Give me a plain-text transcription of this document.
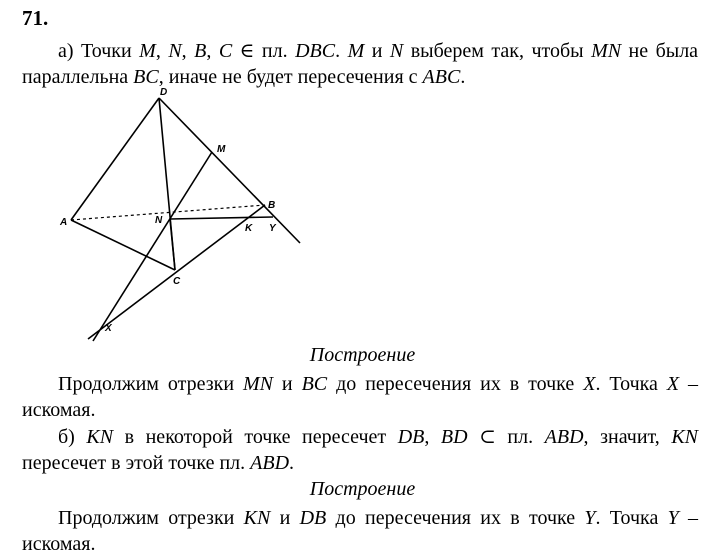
71.
а) Точки M, N, B, C ∈ пл. DBC. M и N выберем так, чтобы MN не была параллельна BC, иначе не будет пересечения с ABC.
D
M
A	N
B
K Y
C
X
Построение
Продолжим отрезки MN и BC до пересечения их в точке X. Точка X – искомая.
б) KN в некоторой точке пересечет DB, BD ⊂ пл. ABD, значит, KN пересечет в этой точке пл. ABD.
Построение
Продолжим отрезки KN и DB до пересечения их в точке Y. Точка Y – искомая.
